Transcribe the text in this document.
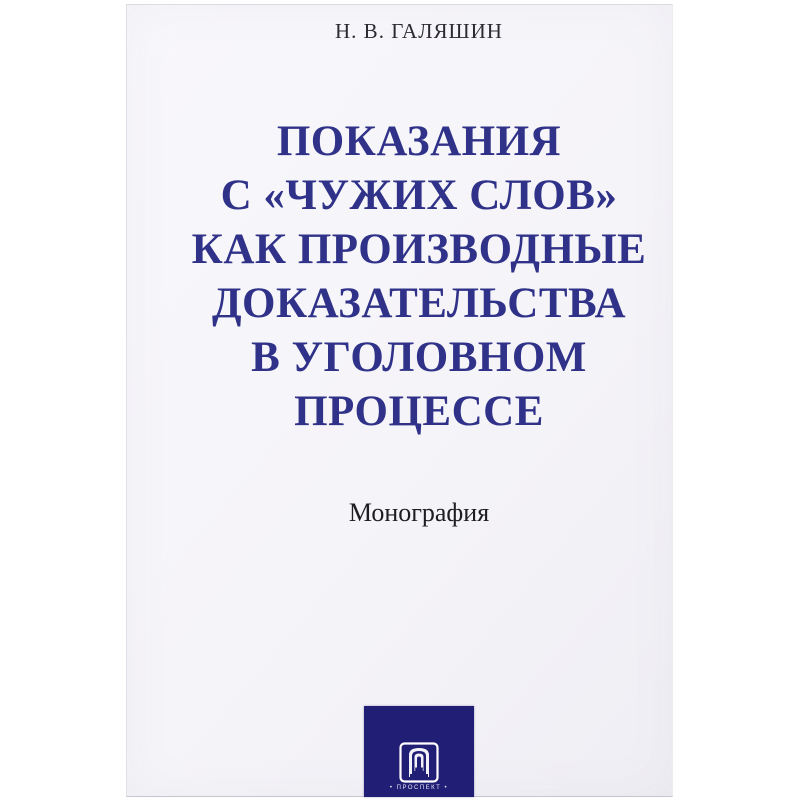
Н. В. ГАЛЯШИН
ПОКАЗАНИЯ
С «ЧУЖИХ СЛОВ»
КАК ПРОИЗВОДНЫЕ
ДОКАЗАТЕЛЬСТВА
В УГОЛОВНОМ
ПРОЦЕССЕ
Монография
• ПРОСПЕКТ •
